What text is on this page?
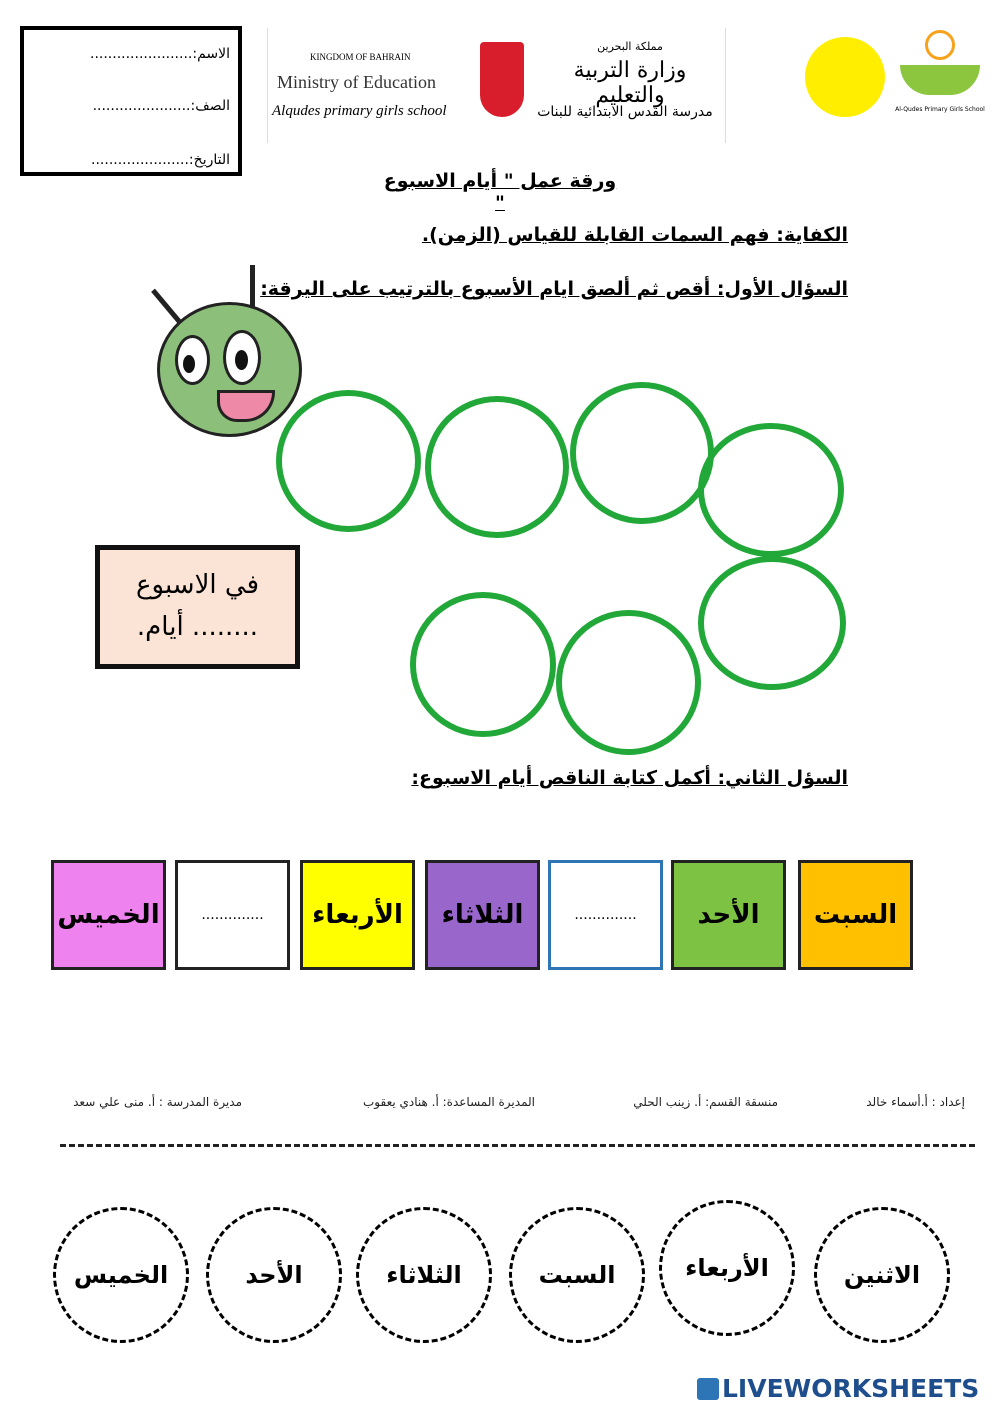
الاسم:.......................
الصف:......................
التاريخ:......................
KINGDOM OF BAHRAIN
Ministry of Education
Alqudes primary girls school
مملكة البحرين
وزارة التربية والتعليم
مدرسة القدس الابتدائية للبنات	Al-Qudes Primary Girls School
ورقة عمل " أيام الاسبوع "
الكفاية: فهم السمات القابلة للقياس (الزمن).
السؤال الأول: أقص ثم ألصق ايام الأسبوع بالترتيب على اليرقة:
في الاسبوع
........ أيام.
السؤل الثاني: أكمل كتابة الناقص أيام الاسبوع:
السبت
الأحد
..............
الثلاثاء
الأربعاء
..............
الخميس
إعداد : أ.أسماء خالد
منسقة القسم: أ. زينب الحلي
المديرة المساعدة: أ. هنادي يعقوب
مديرة المدرسة : أ. منى علي سعد
الاثنين
الأربعاء
السبت
الثلاثاء
الأحد
الخميس
LIVEWORKSHEETS
